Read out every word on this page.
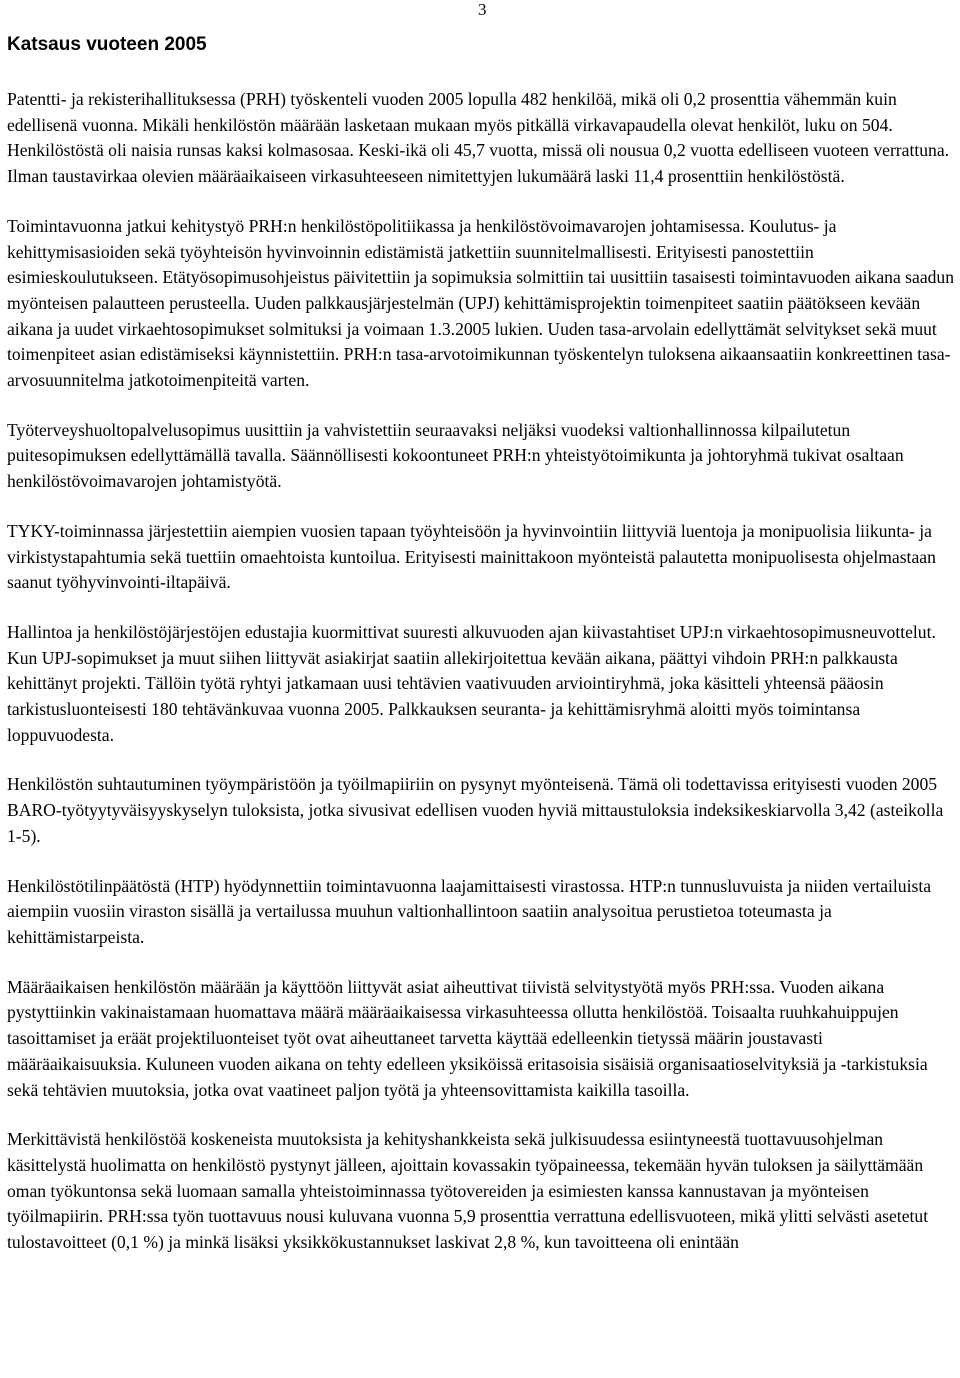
3
Katsaus vuoteen 2005

Patentti- ja rekisterihallituksessa (PRH) työskenteli vuoden 2005 lopulla 482 henkilöä, mikä oli 0,2 prosenttia vähemmän kuin edellisenä vuonna. Mikäli henkilöstön määrään lasketaan mukaan myös pitkällä virkavapaudella olevat henkilöt, luku on 504. Henkilöstöstä oli naisia runsas kaksi kolmasosaa. Keski-ikä oli 45,7 vuotta, missä oli nousua 0,2 vuotta edelliseen vuoteen verrattuna. Ilman taustavirkaa olevien määräaikaiseen virkasuhteeseen nimitettyjen lukumäärä laski 11,4 prosenttiin henkilöstöstä.

Toimintavuonna jatkui kehitystyö PRH:n henkilöstöpolitiikassa ja henkilöstövoimavarojen johtamisessa. Koulutus- ja kehittymisasioiden sekä työyhteisön hyvinvoinnin edistämistä jatkettiin suunnitelmallisesti. Erityisesti panostettiin esimieskoulutukseen. Etätyösopimusohjeistus päivitettiin ja sopimuksia solmittiin tai uusittiin tasaisesti toimintavuoden aikana saadun myönteisen palautteen perusteella. Uuden palkkausjärjestelmän (UPJ) kehittämisprojektin toimenpiteet saatiin päätökseen kevään aikana ja uudet virkaehtosopimukset solmituksi ja voimaan 1.3.2005 lukien. Uuden tasa-arvolain edellyttämät selvitykset sekä muut toimenpiteet asian edistämiseksi käynnistettiin. PRH:n tasa-arvotoimikunnan työskentelyn tuloksena aikaansaatiin konkreettinen tasa-arvosuunnitelma jatkotoimenpiteitä varten.

Työterveyshuoltopalvelusopimus uusittiin ja vahvistettiin seuraavaksi neljäksi vuodeksi valtionhallinnossa kilpailutetun puitesopimuksen edellyttämällä tavalla. Säännöllisesti kokoontuneet PRH:n yhteistyötoimikunta ja johtoryhmä tukivat osaltaan henkilöstövoimavarojen johtamistyötä.

TYKY-toiminnassa järjestettiin aiempien vuosien tapaan työyhteisöön ja hyvinvointiin liittyviä luentoja ja monipuolisia liikunta- ja virkistystapahtumia sekä tuettiin omaehtoista kuntoilua. Erityisesti mainittakoon myönteistä palautetta monipuolisesta ohjelmastaan saanut työhyvinvointi-iltapäivä.

Hallintoa ja henkilöstöjärjestöjen edustajia kuormittivat suuresti alkuvuoden ajan kiivastahtiset UPJ:n virkaehtosopimusneuvottelut. Kun UPJ-sopimukset ja muut siihen liittyvät asiakirjat saatiin allekirjoitettua kevään aikana, päättyi vihdoin PRH:n palkkausta kehittänyt projekti. Tällöin työtä ryhtyi jatkamaan uusi tehtävien vaativuuden arviointiryhmä, joka käsitteli yhteensä pääosin tarkistusluonteisesti 180 tehtävänkuvaa vuonna 2005. Palkkauksen seuranta- ja kehittämisryhmä aloitti myös toimintansa loppuvuodesta.

Henkilöstön suhtautuminen työympäristöön ja työilmapiiriin on pysynyt myönteisenä. Tämä oli todettavissa erityisesti vuoden 2005 BARO-työtyytyväisyyskyselyn tuloksista, jotka sivusivat edellisen vuoden hyviä mittaustuloksia indeksikeskiarvolla 3,42 (asteikolla 1-5).

Henkilöstötilinpäätöstä (HTP) hyödynnettiin toimintavuonna laajamittaisesti virastossa. HTP:n tunnusluvuista ja niiden vertailuista aiempiin vuosiin viraston sisällä ja vertailussa muuhun valtionhallintoon saatiin analysoitua perustietoa toteumasta ja kehittämistarpeista.

Määräaikaisen henkilöstön määrään ja käyttöön liittyvät asiat aiheuttivat tiivistä selvitystyötä myös PRH:ssa. Vuoden aikana pystyttiinkin vakinaistamaan huomattava määrä määräaikaisessa virkasuhteessa ollutta henkilöstöä. Toisaalta ruuhkahuippujen tasoittamiset ja eräät projektiluonteiset työt ovat aiheuttaneet tarvetta käyttää edelleenkin tietyssä määrin joustavasti määräaikaisuuksia. Kuluneen vuoden aikana on tehty edelleen yksiköissä eritasoisia sisäisiä organisaatioselvityksiä ja -tarkistuksia sekä tehtävien muutoksia, jotka ovat vaatineet paljon työtä ja yhteensovittamista kaikilla tasoilla.

Merkittävistä henkilöstöä koskeneista muutoksista ja kehityshankkeista sekä julkisuudessa esiintyneestä tuottavuusohjelman käsittelystä huolimatta on henkilöstö pystynyt jälleen, ajoittain kovassakin työpaineessa, tekemään hyvän tuloksen ja säilyttämään oman työkuntonsa sekä luomaan samalla yhteistoiminnassa työtovereiden ja esimiesten kanssa kannustavan ja myönteisen työilmapiirin. PRH:ssa työn tuottavuus nousi kuluvana vuonna 5,9 prosenttia verrattuna edellisvuoteen, mikä ylitti selvästi asetetut tulostavoitteet (0,1 %) ja minkä lisäksi yksikkökustannukset laskivat 2,8 %, kun tavoitteena oli enintään
